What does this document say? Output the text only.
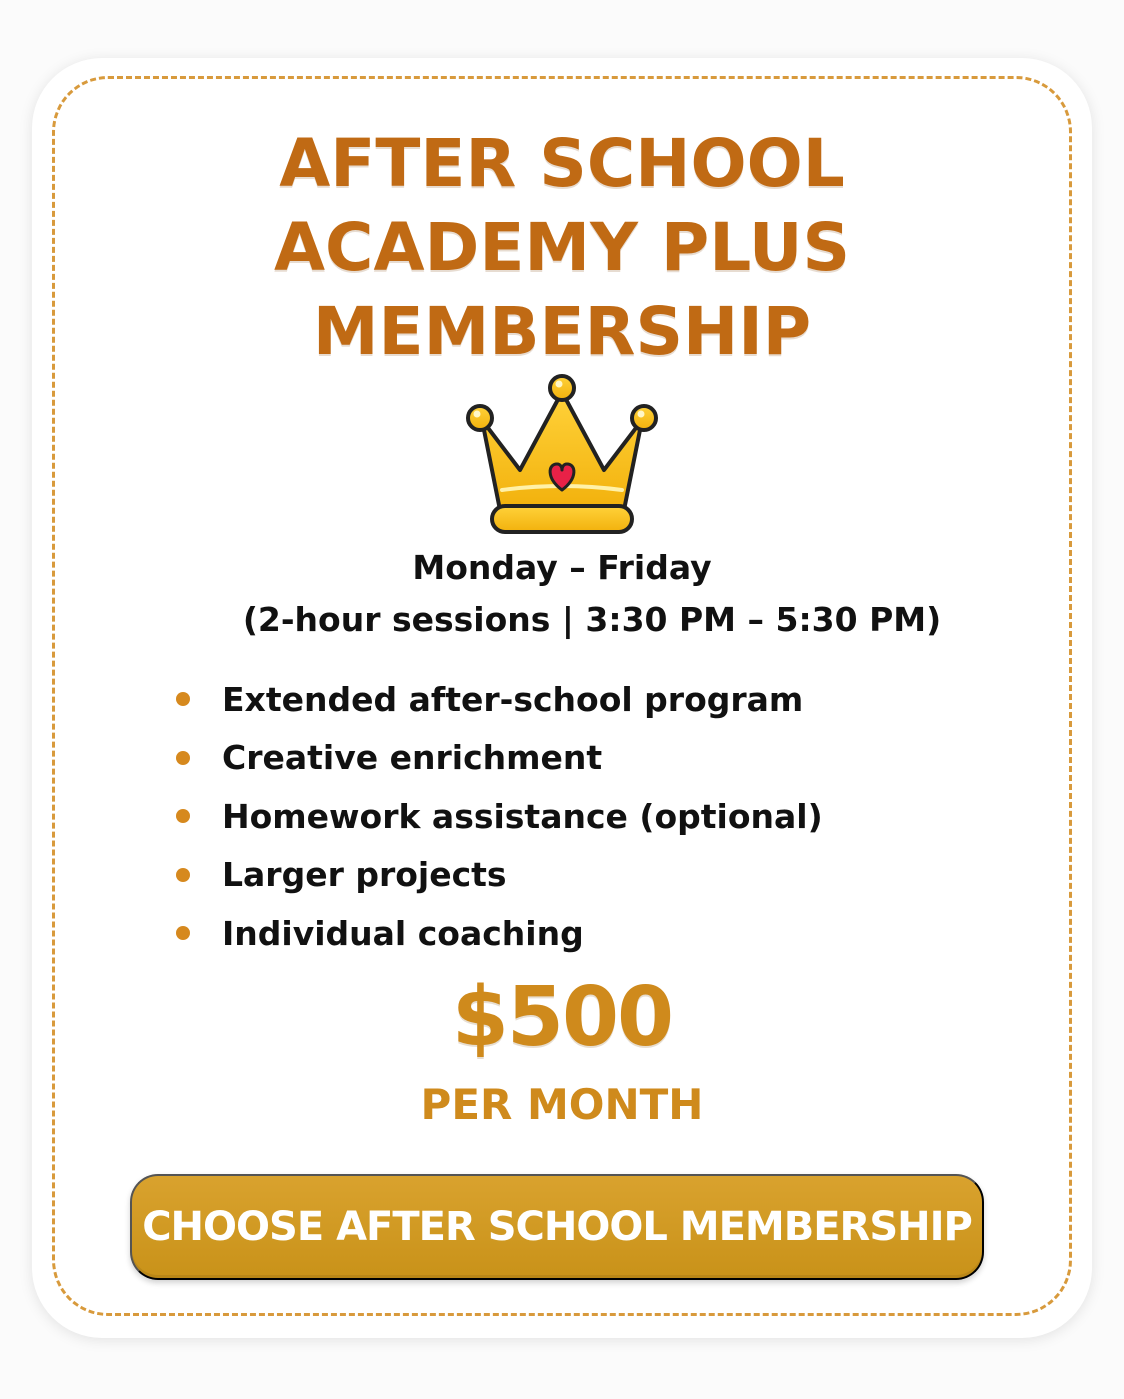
AFTER SCHOOL
ACADEMY PLUS
MEMBERSHIP
Monday – Friday
(2-hour sessions | 3:30 PM – 5:30 PM)
Extended after-school program
Creative enrichment
Homework assistance (optional)
Larger projects
Individual coaching
$500
PER MONTH
CHOOSE AFTER SCHOOL MEMBERSHIP
